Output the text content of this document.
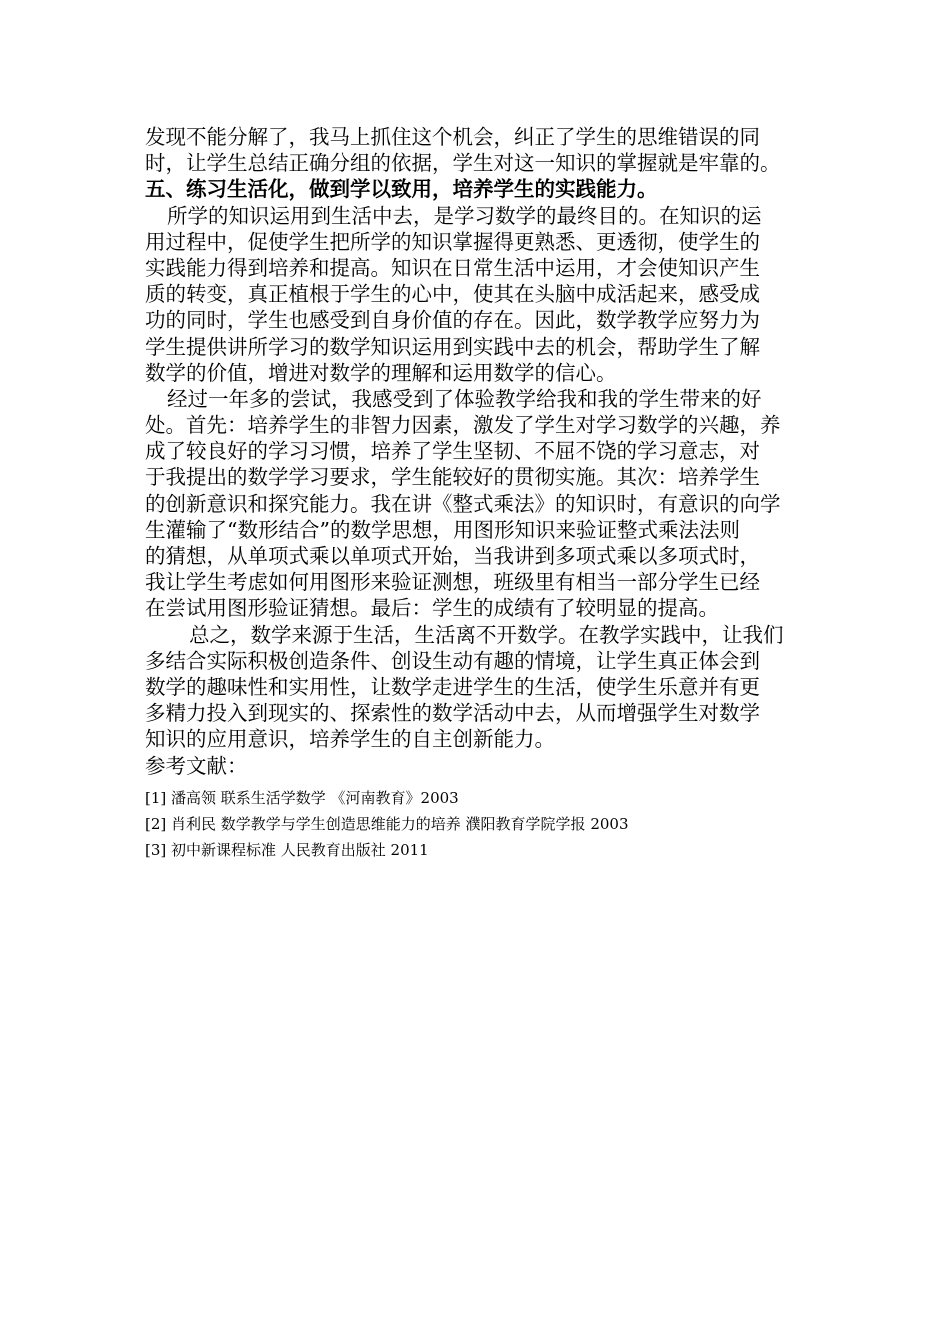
发现不能分解了，我马上抓住这个机会，纠正了学生的思维错误的同
时，让学生总结正确分组的依据，学生对这一知识的掌握就是牢靠的。
五、练习生活化，做到学以致用，培养学生的实践能力。
所学的知识运用到生活中去，是学习数学的最终目的。在知识的运
用过程中，促使学生把所学的知识掌握得更熟悉、更透彻，使学生的
实践能力得到培养和提高。知识在日常生活中运用，才会使知识产生
质的转变，真正植根于学生的心中，使其在头脑中成活起来，感受成
功的同时，学生也感受到自身价值的存在。因此，数学教学应努力为
学生提供讲所学习的数学知识运用到实践中去的机会，帮助学生了解
数学的价值，增进对数学的理解和运用数学的信心。
经过一年多的尝试，我感受到了体验教学给我和我的学生带来的好
处。首先：培养学生的非智力因素，激发了学生对学习数学的兴趣，养
成了较良好的学习习惯，培养了学生坚韧、不屈不饶的学习意志，对
于我提出的数学学习要求，学生能较好的贯彻实施。其次：培养学生
的创新意识和探究能力。我在讲《整式乘法》的知识时，有意识的向学
生灌输了“数形结合”的数学思想，用图形知识来验证整式乘法法则
的猜想，从单项式乘以单项式开始，当我讲到多项式乘以多项式时，
我让学生考虑如何用图形来验证测想，班级里有相当一部分学生已经
在尝试用图形验证猜想。最后：学生的成绩有了较明显的提高。
总之，数学来源于生活，生活离不开数学。在教学实践中，让我们
多结合实际积极创造条件、创设生动有趣的情境，让学生真正体会到
数学的趣味性和实用性，让数学走进学生的生活，使学生乐意并有更
多精力投入到现实的、探索性的数学活动中去，从而增强学生对数学
知识的应用意识，培养学生的自主创新能力。
参考文献：
[1] 潘高领 联系生活学数学 《河南教育》2003
[2] 肖利民 数学教学与学生创造思维能力的培养 濮阳教育学院学报 2003
[3] 初中新课程标准 人民教育出版社 2011
